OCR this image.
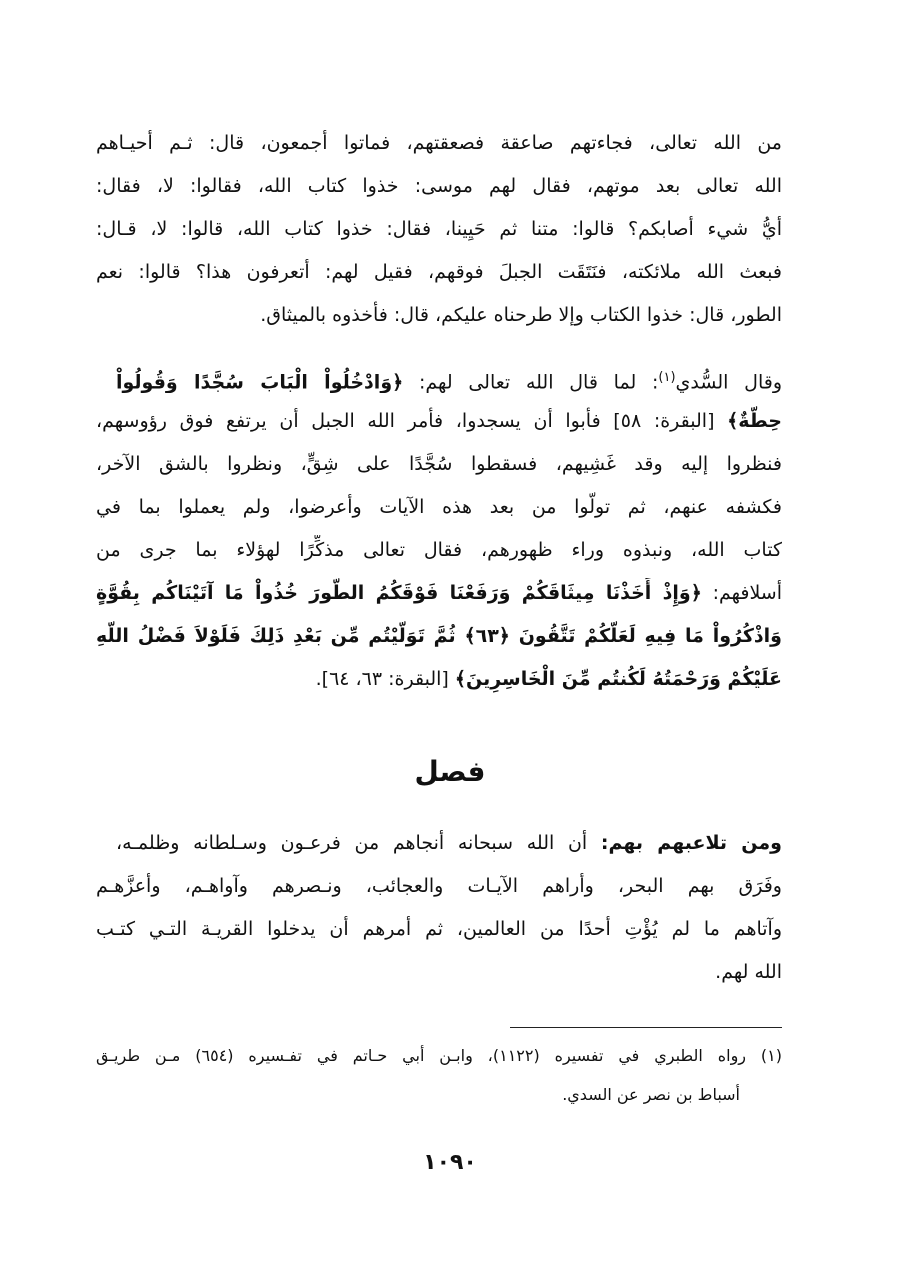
من الله تعالى، فجاءتهم صاعقة فصعقتهم، فماتوا أجمعون، قال: ثـم أحيـاهم
الله تعالى بعد موتهم، فقال لهم موسى: خذوا كتاب الله، فقالوا: لا، فقال:
أيُّ شيء أصابكم؟ قالوا: متنا ثم حَيِينا، فقال: خذوا كتاب الله، قالوا: لا، قـال:
فبعث الله ملائكته، فنَتَقَت الجبلَ فوقهم، فقيل لهم: أتعرفون هذا؟ قالوا: نعم
الطور، قال: خذوا الكتاب وإلا طرحناه عليكم، قال: فأخذوه بالميثاق.
وقال السُّدي$^{(١)}$: لما قال الله تعالى لهم: ﴿وَادْخُلُواْ الْبَابَ سُجَّدًا وَقُولُواْ
حِطَّةٌ﴾ [البقرة: ٥٨] فأبوا أن يسجدوا، فأمر الله الجبل أن يرتفع فوق رؤوسهم،
فنظروا إليه وقد غَشِيهم، فسقطوا سُجَّدًا على شِقٍّ، ونظروا بالشق الآخر،
فكشفه عنهم، ثم تولَّوا من بعد هذه الآيات وأعرضوا، ولم يعملوا بما في
كتاب الله، ونبذوه وراء ظهورهم، فقال تعالى مذكِّرًا لهؤلاء بما جرى من
أسلافهم: ﴿وَإِذْ أَخَذْنَا مِيثَاقَكُمْ وَرَفَعْنَا فَوْقَكُمُ الطُّورَ خُذُواْ مَا آتَيْنَاكُم بِقُوَّةٍ
وَاذْكُرُواْ مَا فِيهِ لَعَلَّكُمْ تَتَّقُونَ ﴿٦٣﴾ ثُمَّ تَوَلَّيْتُم مِّن بَعْدِ ذَلِكَ فَلَوْلاَ فَضْلُ اللّهِ
عَلَيْكُمْ وَرَحْمَتُهُ لَكُنتُم مِّنَ الْخَاسِرِينَ﴾ [البقرة: ٦٣، ٦٤].
فصل
ومن تلاعبهم بهم: أن الله سبحانه أنجاهم من فرعـون وسـلطانه وظلمـه،
وفَرَق بهم البحر، وأراهم الآيـات والعجائب، ونـصرهم وآواهـم، وأعزَّهـم
وآتاهم ما لم يُؤْتِ أحدًا من العالمين، ثم أمرهم أن يدخلوا القريـة التـي كتـب
الله لهم.
(١) رواه الطبري في تفسيره (١١٢٢)، وابـن أبي حـاتم في تفـسيره (٦٥٤) مـن طريـق
أسباط بن نصر عن السدي.
١٠٩٠
